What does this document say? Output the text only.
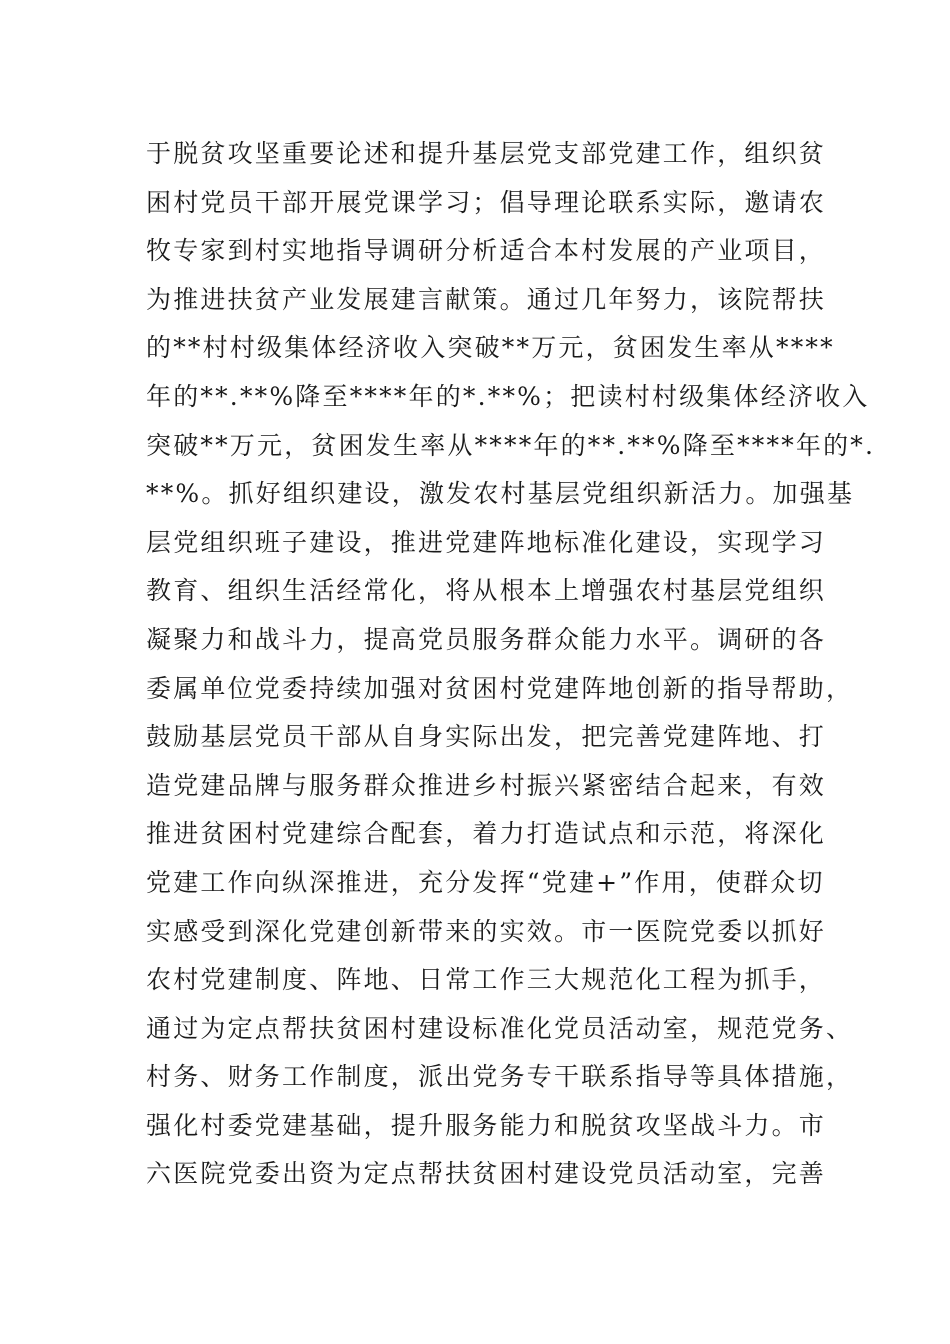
于脱贫攻坚重要论述和提升基层党支部党建工作，组织贫
困村党员干部开展党课学习；倡导理论联系实际，邀请农
牧专家到村实地指导调研分析适合本村发展的产业项目，
为推进扶贫产业发展建言献策。通过几年努力，该院帮扶
的**村村级集体经济收入突破**万元，贫困发生率从****
年的**.**%降至****年的*.**%；把读村村级集体经济收入
突破**万元，贫困发生率从****年的**.**%降至****年的*.
**%。抓好组织建设，激发农村基层党组织新活力。加强基
层党组织班子建设，推进党建阵地标准化建设，实现学习
教育、组织生活经常化，将从根本上增强农村基层党组织
凝聚力和战斗力，提高党员服务群众能力水平。调研的各
委属单位党委持续加强对贫困村党建阵地创新的指导帮助，
鼓励基层党员干部从自身实际出发，把完善党建阵地、打
造党建品牌与服务群众推进乡村振兴紧密结合起来，有效
推进贫困村党建综合配套，着力打造试点和示范，将深化
党建工作向纵深推进，充分发挥“党建+”作用，使群众切
实感受到深化党建创新带来的实效。市一医院党委以抓好
农村党建制度、阵地、日常工作三大规范化工程为抓手，
通过为定点帮扶贫困村建设标准化党员活动室，规范党务、
村务、财务工作制度，派出党务专干联系指导等具体措施，
强化村委党建基础，提升服务能力和脱贫攻坚战斗力。市
六医院党委出资为定点帮扶贫困村建设党员活动室，完善
